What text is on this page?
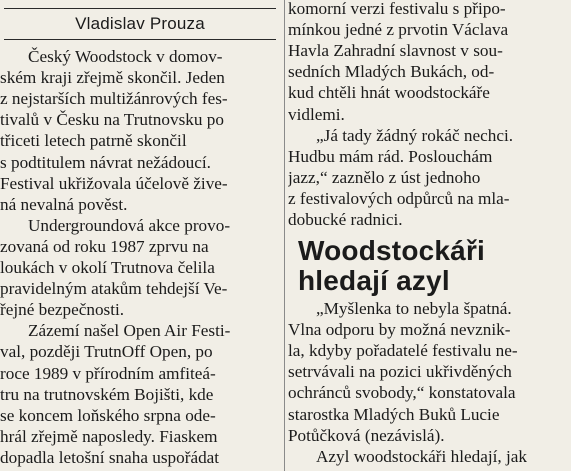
Vladislav Prouza
Český Woodstock v domov-
ském kraji zřejmě skončil. Jeden
z nejstarších multižánrových fes-
tivalů v Česku na Trutnovsku po
třiceti letech patrně skončil
s podtitulem návrat nežádoucí.
Festival ukřižovala účelově žive-
ná nevalná pověst.
Undergroundová akce provo-
zovaná od roku 1987 zprvu na
loukách v okolí Trutnova čelila
pravidelným atakům tehdejší Ve-
řejné bezpečnosti.
Zázemí našel Open Air Festi-
val, později TrutnOff Open, po
roce 1989 v přírodním amfiteá-
tru na trutnovském Bojišti, kde
se koncem loňského srpna ode-
hrál zřejmě naposledy. Fiaskem
dopadla letošní snaha uspořádat
Woodstockáři
hledají azyl
komorní verzi festivalu s připo-
mínkou jedné z prvotin Václava
Havla Zahradní slavnost v sou-
sedních Mladých Bukách, od-
kud chtěli hnát woodstockáře
vidlemi.
„Já tady žádný rokáč nechci.
Hudbu mám rád. Poslouchám
jazz,“ zaznělo z úst jednoho
z festivalových odpůrců na mla-
dobucké radnici.
„Myšlenka to nebyla špatná.
Vlna odporu by možná nevznik-
la, kdyby pořadatelé festivalu ne-
setrvávali na pozici ukřivděných
ochránců svobody,“ konstatovala
starostka Mladých Buků Lucie
Potůčková (nezávislá).
Azyl woodstockáři hledají, jak
